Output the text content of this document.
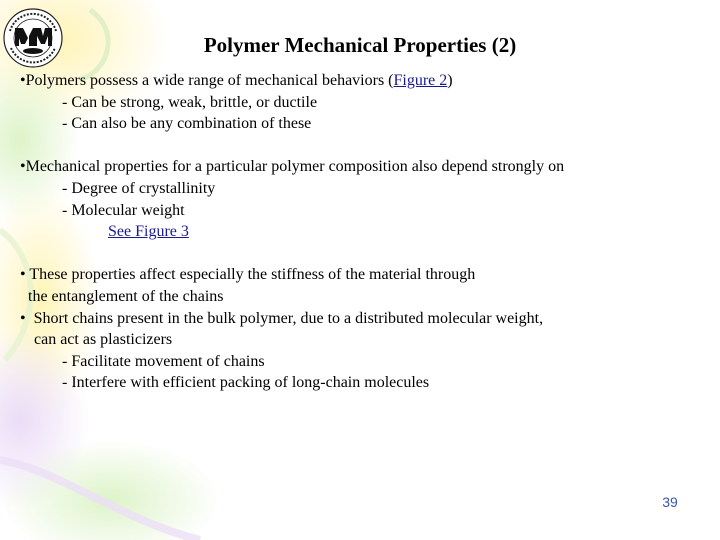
Polymer Mechanical Properties (2)
•Polymers possess a wide range of mechanical behaviors (Figure 2)
- Can be strong, weak, brittle, or ductile
- Can also be any combination of these
•Mechanical properties for a particular polymer composition also depend strongly on
- Degree of crystallinity
- Molecular weight
See Figure 3
• These properties affect especially the stiffness of the material through
the entanglement of the chains
•  Short chains present in the bulk polymer, due to a distributed molecular weight,
can act as plasticizers
- Facilitate movement of chains
- Interfere with efficient packing of long-chain molecules
39
